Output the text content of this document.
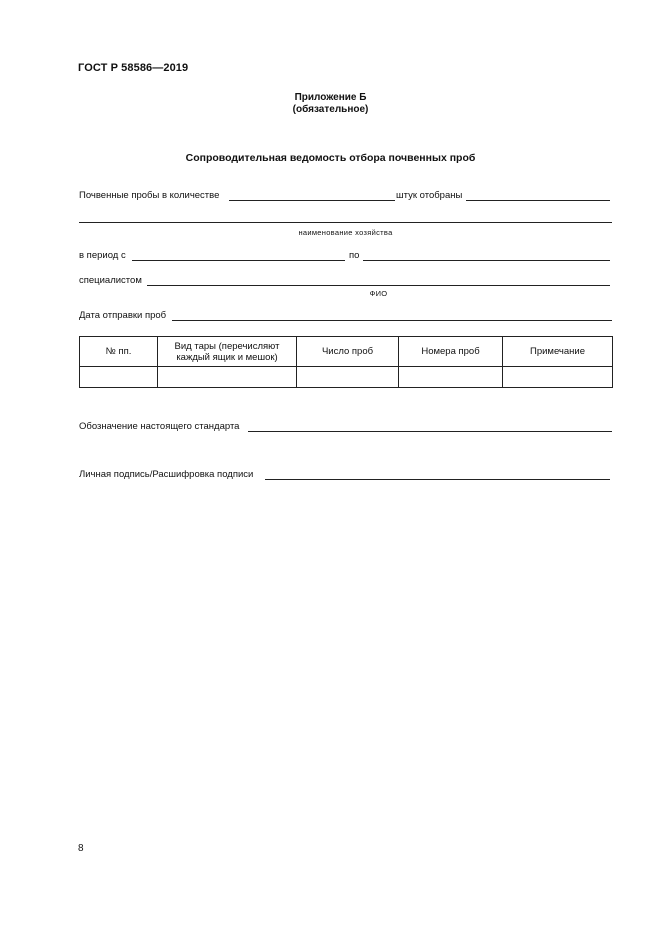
ГОСТ Р 58586—2019
Приложение Б
(обязательное)
Сопроводительная ведомость отбора почвенных проб
Почвенные пробы в количестве	штук отобраны
наименование хозяйства
в период с	по
специалистом
ФИО
Дата отправки проб
№ пп.	Вид тары (перечисляют каждый ящик и мешок)	Число проб	Номера проб	Примечание

Обозначение настоящего стандарта
Личная подпись/Расшифровка подписи
8
